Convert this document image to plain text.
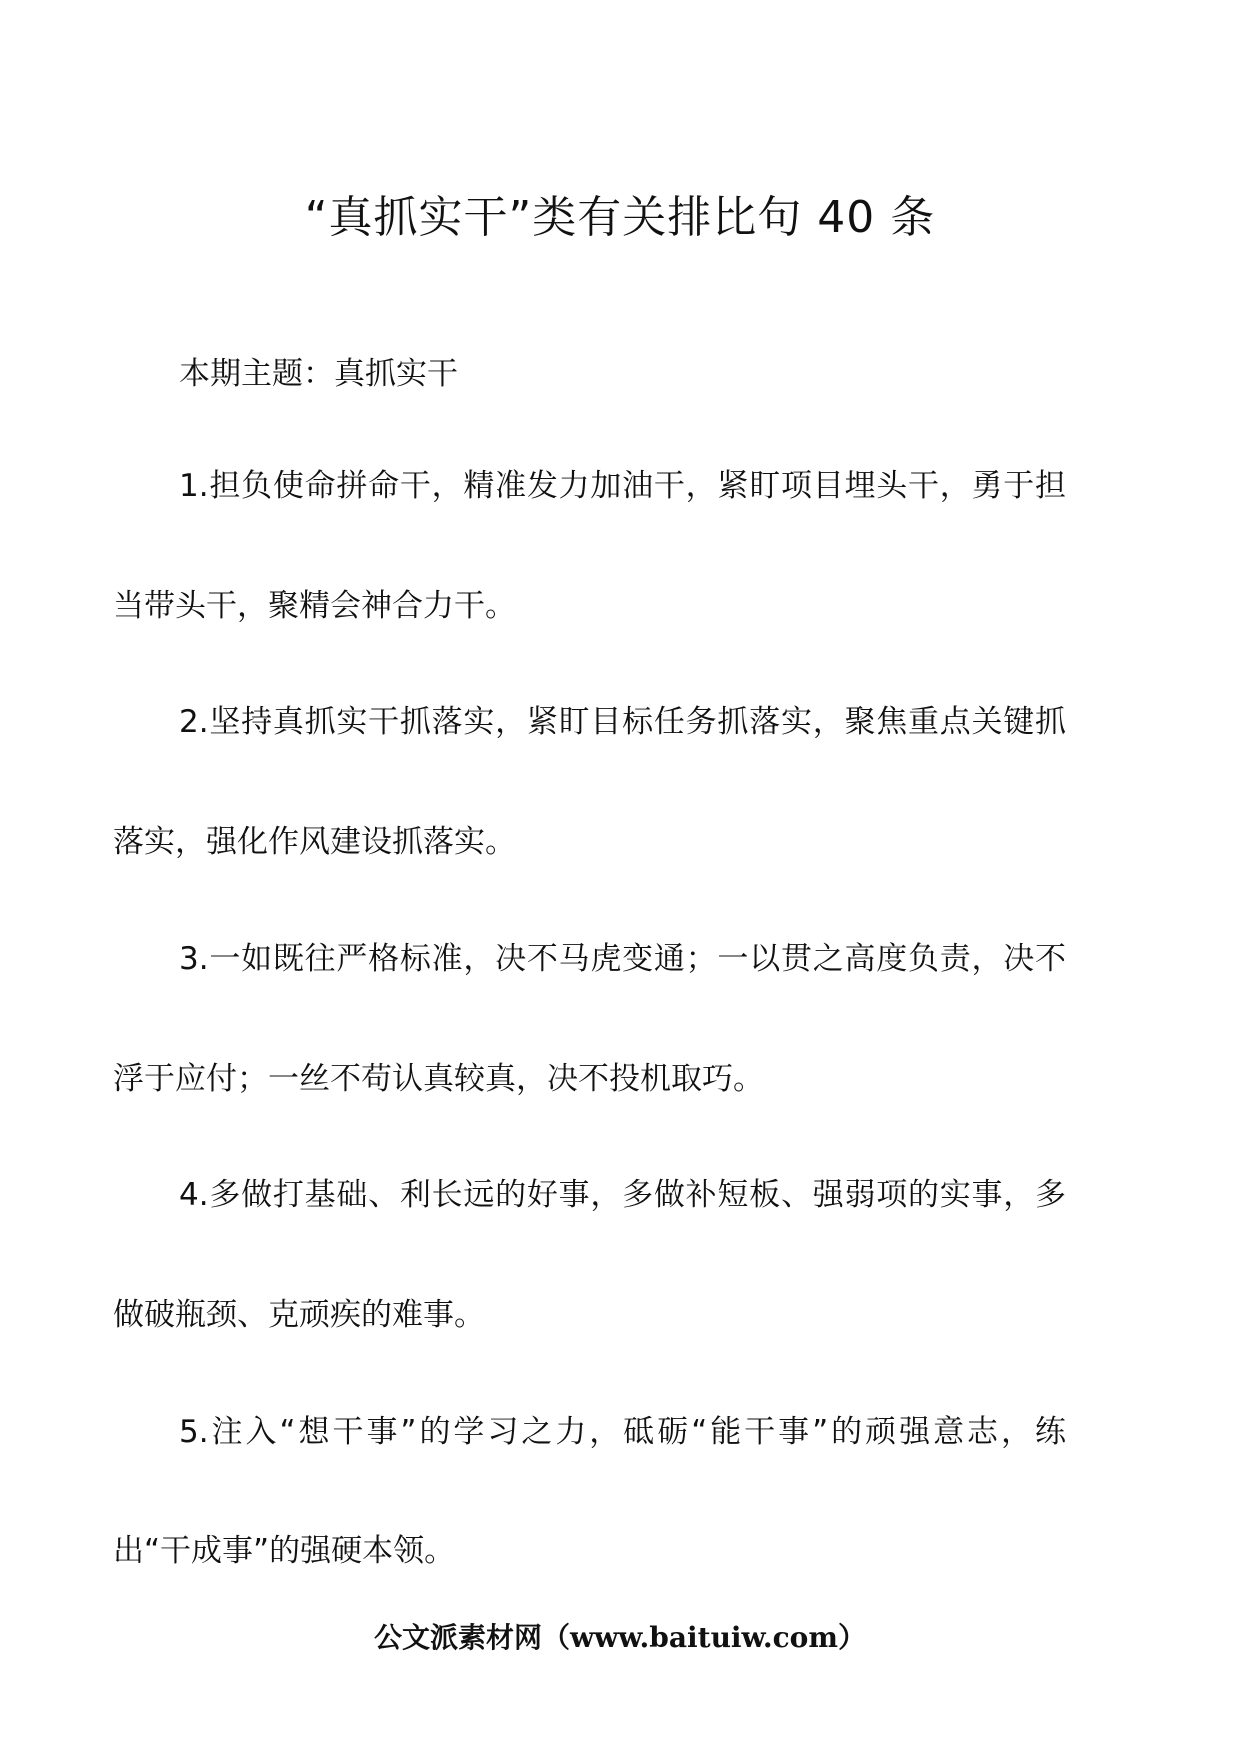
“真抓实干”类有关排比句 40 条
本期主题：真抓实干
1.担负使命拼命干，精准发力加油干，紧盯项目埋头干，勇于担
当带头干，聚精会神合力干。
2.坚持真抓实干抓落实，紧盯目标任务抓落实，聚焦重点关键抓
落实，强化作风建设抓落实。
3.一如既往严格标准，决不马虎变通；一以贯之高度负责，决不
浮于应付；一丝不苟认真较真，决不投机取巧。
4.多做打基础、利长远的好事，多做补短板、强弱项的实事，多
做破瓶颈、克顽疾的难事。
5.注入“想干事”的学习之力，砥砺“能干事”的顽强意志，练
出“干成事”的强硬本领。
公文派素材网（www.baituiw.com）
